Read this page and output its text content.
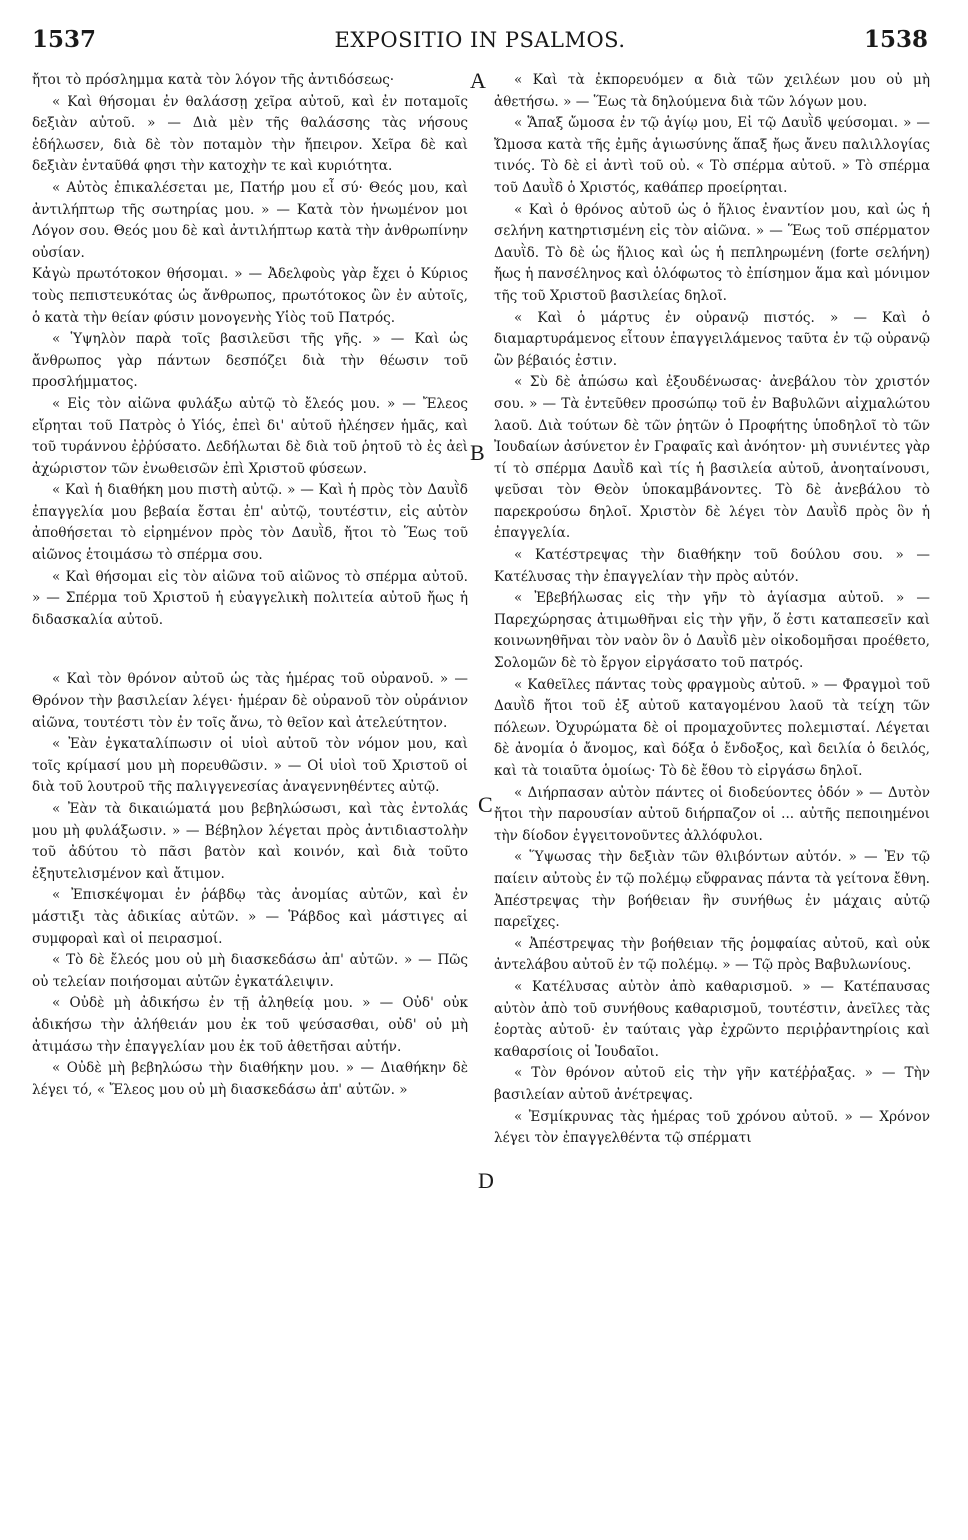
1537	EXPOSITIO IN PSALMOS.	1538

ἤτοι τὸ πρόσλημμα κατὰ τὸν λόγον τῆς ἀντιδόσεως·

« Καὶ θήσομαι ἐν θαλάσσῃ χεῖρα αὐτοῦ, καὶ ἐν ποταμοῖς δεξιὰν αὐτοῦ. » — Διὰ μὲν τῆς θαλάσσης τὰς νήσους ἐδήλωσεν, διὰ δὲ τὸν ποταμὸν τὴν ἤπειρον. Χεῖρα δὲ καὶ δεξιὰν ἐνταῦθά φησι τὴν κατοχὴν τε καὶ κυριότητα.

« Αὐτὸς ἐπικαλέσεται με, Πατήρ μου εἶ σύ· Θεός μου, καὶ ἀντιλήπτωρ τῆς σωτηρίας μου. » — Κατὰ τὸν ἡνωμένον μοι Λόγον σου. Θεός μου δὲ καὶ ἀντιλήπτωρ κατὰ τὴν ἀνθρωπίνην οὐσίαν.

Κἀγὼ πρωτότοκον θήσομαι. » — Ἀδελφοὺς γὰρ ἔχει ὁ Κύριος τοὺς πεπιστευκότας ὡς ἄνθρωπος, πρωτότοκος ὢν ἐν αὐτοῖς, ὁ κατὰ τὴν θείαν φύσιν μονογενὴς Υἱὸς τοῦ Πατρός.

« Ὑψηλὸν παρὰ τοῖς βασιλεῦσι τῆς γῆς. » — Καὶ ὡς ἄνθρωπος γὰρ πάντων δεσπόζει διὰ τὴν θέωσιν τοῦ προσλήμματος.

« Εἰς τὸν αἰῶνα φυλάξω αὐτῷ τὸ ἔλεός μου. » — Ἔλεος εἴρηται τοῦ Πατρὸς ὁ Υἱός, ἐπεὶ δι' αὐτοῦ ἠλέησεν ἡμᾶς, καὶ τοῦ τυράννου ἐῤῥύσατο. Δεδήλωται δὲ διὰ τοῦ ῥητοῦ τὸ ἐς ἀεὶ ἀχώριστον τῶν ἐνωθεισῶν ἐπὶ Χριστοῦ φύσεων.

« Καὶ ἡ διαθήκη μου πιστὴ αὐτῷ. » — Καὶ ἡ πρὸς τὸν Δαυῒδ ἐπαγγελία μου βεβαία ἔσται ἐπ' αὐτῷ, τουτέστιν, εἰς αὐτὸν ἀποθήσεται τὸ εἰρημένον πρὸς τὸν Δαυῒδ, ἤτοι τὸ Ἕως τοῦ αἰῶνος ἑτοιμάσω τὸ σπέρμα σου.

« Καὶ θήσομαι εἰς τὸν αἰῶνα τοῦ αἰῶνος τὸ σπέρμα αὐτοῦ. » — Σπέρμα τοῦ Χριστοῦ ἡ εὐαγγελικὴ πολιτεία αὐτοῦ ἤως ἡ διδασκαλία αὐτοῦ.

« Καὶ τὸν θρόνον αὐτοῦ ὡς τὰς ἡμέρας τοῦ οὐρανοῦ. » — Θρόνον τὴν βασιλείαν λέγει· ἡμέραν δὲ οὐρανοῦ τὸν οὐράνιον αἰῶνα, τουτέστι τὸν ἐν τοῖς ἄνω, τὸ θεῖον καὶ ἀτελεύτητον.

« Ἐὰν ἐγκαταλίπωσιν οἱ υἱοὶ αὐτοῦ τὸν νόμον μου, καὶ τοῖς κρίμασί μου μὴ πορευθῶσιν. » — Οἱ υἱοὶ τοῦ Χριστοῦ οἱ διὰ τοῦ λουτροῦ τῆς παλιγγενεσίας ἀναγεννηθέντες αὐτῷ.

« Ἐὰν τὰ δικαιώματά μου βεβηλώσωσι, καὶ τὰς ἐντολάς μου μὴ φυλάξωσιν. » — Βέβηλον λέγεται πρὸς ἀντιδιαστολὴν τοῦ ἀδύτου τὸ πᾶσι βατὸν καὶ κοινόν, καὶ διὰ τοῦτο ἐξηυτελισμένον καὶ ἄτιμον.

« Ἐπισκέψομαι ἐν ῥάβδῳ τὰς ἀνομίας αὐτῶν, καὶ ἐν μάστιξι τὰς ἀδικίας αὐτῶν. » — Ῥάβδος καὶ μάστιγες αἱ συμφοραὶ καὶ οἱ πειρασμοί.

« Τὸ δὲ ἔλεός μου οὐ μὴ διασκεδάσω ἀπ' αὐτῶν. » — Πῶς οὐ τελείαν ποιήσομαι αὐτῶν ἐγκατάλειψιν.

« Οὐδὲ μὴ ἀδικήσω ἐν τῇ ἀληθείᾳ μου. » — Οὐδ' οὐκ ἀδικήσω τὴν ἀλήθειάν μου ἐκ τοῦ ψεύσασθαι, οὐδ' οὐ μὴ ἀτιμάσω τὴν ἐπαγγελίαν μου ἐκ τοῦ ἀθετῆσαι αὐτήν.

« Οὐδὲ μὴ βεβηλώσω τὴν διαθήκην μου. » — Διαθήκην δὲ λέγει τό, « Ἔλεος μου οὐ μὴ διασκεδάσω ἀπ' αὐτῶν. »

A
B
C
D

« Καὶ τὰ ἐκπορευόμεν α διὰ τῶν χειλέων μου οὐ μὴ ἀθετήσω. » — Ἕως τὰ δηλούμενα διὰ τῶν λόγων μου.

« Ἅπαξ ὤμοσα ἐν τῷ ἁγίῳ μου, Εἰ τῷ Δαυῒδ ψεύσομαι. » — Ὤμοσα κατὰ τῆς ἐμῆς ἁγιωσύνης ἅπαξ ἤως ἄνευ παλιλλογίας τινός. Τὸ δὲ εἰ ἀντὶ τοῦ οὐ. « Τὸ σπέρμα αὐτοῦ. » Τὸ σπέρμα τοῦ Δαυῒδ ὁ Χριστός, καθάπερ προείρηται.

« Καὶ ὁ θρόνος αὐτοῦ ὡς ὁ ἥλιος ἐναντίον μου, καὶ ὡς ἡ σελήνη κατηρτισμένη εἰς τὸν αἰῶνα. » — Ἕως τοῦ σπέρματον Δαυῒδ. Τὸ δὲ ὡς ἥλιος καὶ ὡς ἡ πεπληρωμένη (forte σελήνη) ἤως ἡ πανσέληνος καὶ ὁλόφωτος τὸ ἐπίσημον ἅμα καὶ μόνιμον τῆς τοῦ Χριστοῦ βασιλείας δηλοῖ.

« Καὶ ὁ μάρτυς ἐν οὐρανῷ πιστός. » — Καὶ ὁ διαμαρτυράμενος εἶτουν ἐπαγγειλάμενος ταῦτα ἐν τῷ οὐρανῷ ὢν βέβαιός ἐστιν.

« Σὺ δὲ ἀπώσω καὶ ἐξουδένωσας· ἀνεβάλου τὸν χριστόν σου. » — Τὰ ἐντεῦθεν προσώπῳ τοῦ ἐν Βαβυλῶνι αἰχμαλώτου λαοῦ. Διὰ τούτων δὲ τῶν ῥητῶν ὁ Προφήτης ὑποδηλοῖ τὸ τῶν Ἰουδαίων ἀσύνετον ἐν Γραφαῖς καὶ ἀνόητον· μὴ συνιέντες γὰρ τί τὸ σπέρμα Δαυῒδ καὶ τίς ἡ βασιλεία αὐτοῦ, ἀνοηταίνουσι, ψεῦσαι τὸν Θεὸν ὑποκαμβάνοντες. Τὸ δὲ ἀνεβάλου τὸ παρεκρούσω δηλοῖ. Χριστὸν δὲ λέγει τὸν Δαυῒδ πρὸς ὃν ἡ ἐπαγγελία.

« Κατέστρεψας τὴν διαθήκην τοῦ δούλου σου. » — Κατέλυσας τὴν ἐπαγγελίαν τὴν πρὸς αὐτόν.

« Ἐβεβήλωσας εἰς τὴν γῆν τὸ ἁγίασμα αὐτοῦ. » — Παρεχώρησας ἀτιμωθῆναι εἰς τὴν γῆν, ὅ ἐστι καταπεσεῖν καὶ κοινωνηθῆναι τὸν ναὸν ὃν ὁ Δαυῒδ μὲν οἰκοδομῆσαι προέθετο, Σολομῶν δὲ τὸ ἔργον εἰργάσατο τοῦ πατρός.

« Καθεῖλες πάντας τοὺς φραγμοὺς αὐτοῦ. » — Φραγμοὶ τοῦ Δαυῒδ ἤτοι τοῦ ἐξ αὐτοῦ καταγομένου λαοῦ τὰ τείχη τῶν πόλεων. Ὀχυρώματα δὲ οἱ προμαχοῦντες πολεμισταί. Λέγεται δὲ ἀνομία ὁ ἄνομος, καὶ δόξα ὁ ἔνδοξος, καὶ δειλία ὁ δειλός, καὶ τὰ τοιαῦτα ὁμοίως· Τὸ δὲ ἔθου τὸ εἰργάσω δηλοῖ.

« Διήρπασαν αὐτὸν πάντες οἱ διοδεύοντες ὁδόν » — Δυτὸν ἤτοι τὴν παρουσίαν αὐτοῦ διήρπαζον οἱ ... αὐτῆς πεποιημένοι τὴν δίοδον ἐγγειτονοῦντες ἀλλόφυλοι.

« Ὕψωσας τὴν δεξιὰν τῶν θλιβόντων αὐτόν. » — Ἐν τῷ παίειν αὐτοὺς ἐν τῷ πολέμῳ εὔφρανας πάντα τὰ γείτονα ἔθνη. Ἀπέστρεψας τὴν βοήθειαν ἣν συνήθως ἐν μάχαις αὐτῷ παρεῖχες.

« Ἀπέστρεψας τὴν βοήθειαν τῆς ῥομφαίας αὐτοῦ, καὶ οὐκ ἀντελάβου αὐτοῦ ἐν τῷ πολέμῳ. » — Τῷ πρὸς Βαβυλωνίους.

« Κατέλυσας αὐτὸν ἀπὸ καθαρισμοῦ. » — Κατέπαυσας αὐτὸν ἀπὸ τοῦ συνήθους καθαρισμοῦ, τουτέστιν, ἀνεῖλες τὰς ἑορτὰς αὐτοῦ· ἐν ταύταις γὰρ ἐχρῶντο περιῤῥαντηρίοις καὶ καθαρσίοις οἱ Ἰουδαῖοι.

« Τὸν θρόνον αὐτοῦ εἰς τὴν γῆν κατέῤῥαξας. » — Τὴν βασιλείαν αὐτοῦ ἀνέτρεψας.

« Ἐσμίκρυνας τὰς ἡμέρας τοῦ χρόνου αὐτοῦ. » — Χρόνον λέγει τὸν ἐπαγγελθέντα τῷ σπέρματι
